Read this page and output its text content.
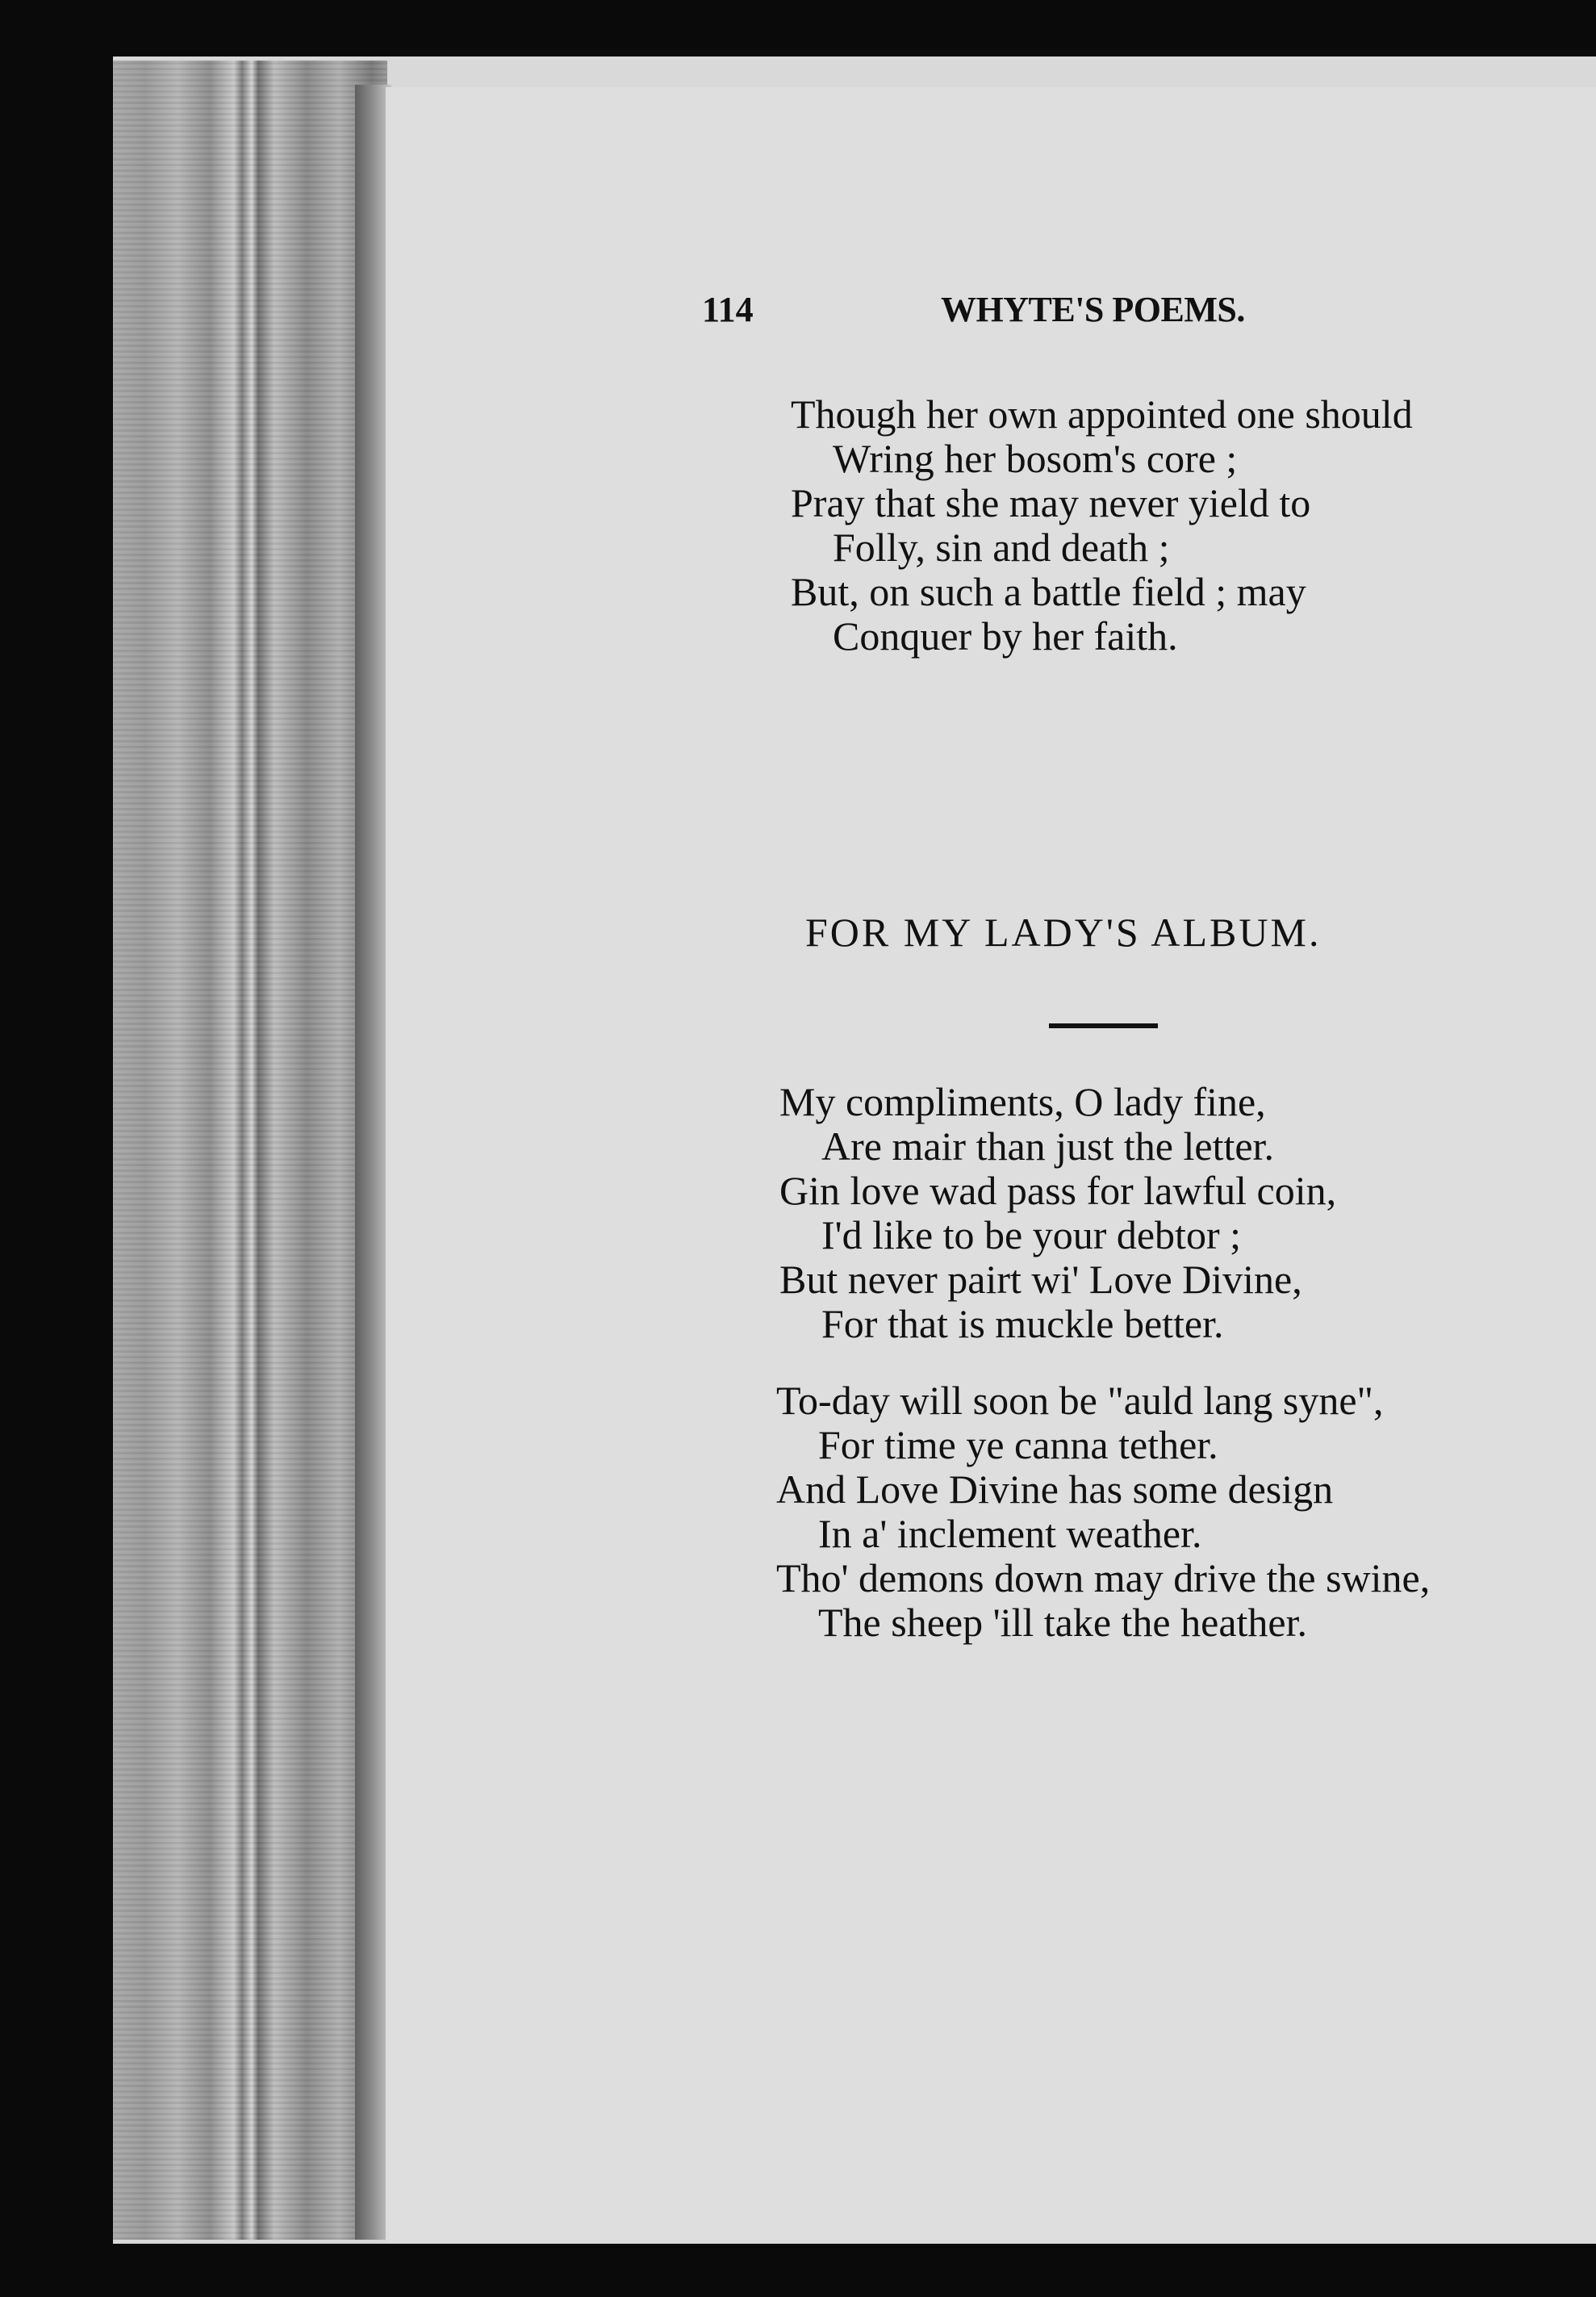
114	WHYTE'S POEMS.
Though her own appointed one should
Wring her bosom's core ;
Pray that she may never yield to
Folly, sin and death ;
But, on such a battle field ; may
Conquer by her faith.
FOR MY LADY'S ALBUM.
My compliments, O lady fine,
Are mair than just the letter.
Gin love wad pass for lawful coin,
I'd like to be your debtor ;
But never pairt wi' Love Divine,
For that is muckle better.
To-day will soon be "auld lang syne",
For time ye canna tether.
And Love Divine has some design
In a' inclement weather.
Tho' demons down may drive the swine,
The sheep 'ill take the heather.
